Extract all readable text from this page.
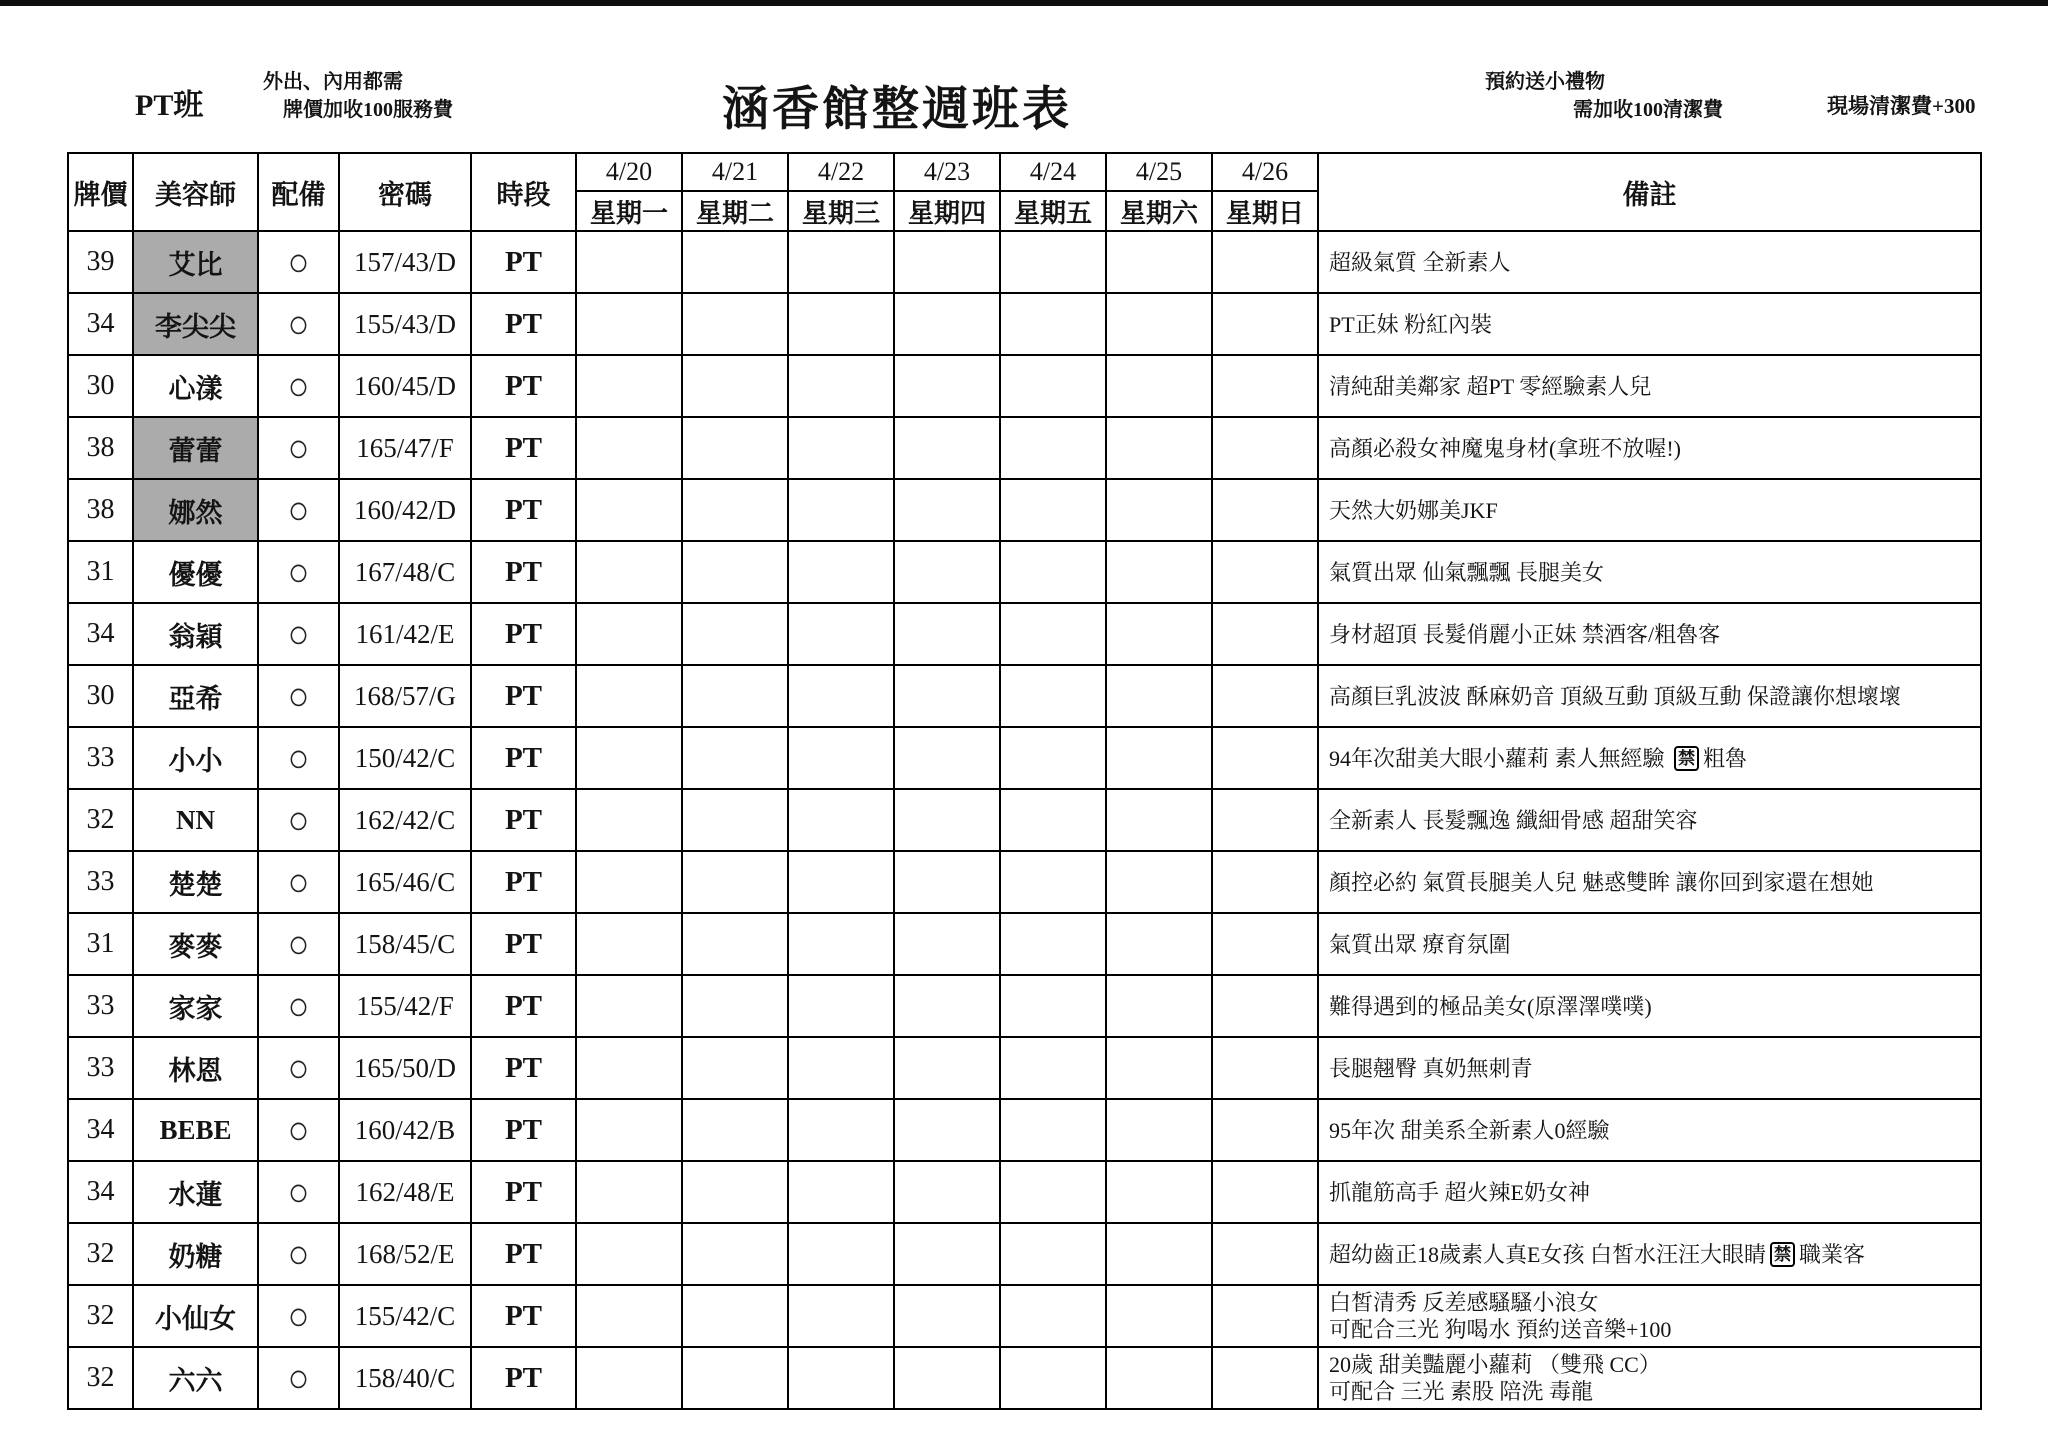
PT班
外出、內用都需
牌價加收100服務費	涵香館整週班表
預約送小禮物
需加收100清潔費	現場清潔費+300
牌價	美容師	配備	密碼	時段	4/20	4/21	4/22	4/23	4/24	4/25	4/26	備註
					星期一	星期二	星期三	星期四	星期五	星期六	星期日	
39	艾比	○	157/43/D	PT								超級氣質 全新素人

34	李尖尖	○	155/43/D	PT								PT正妹 粉紅內裝

30	心漾	○	160/45/D	PT								清純甜美鄰家 超PT 零經驗素人兒

38	蕾蕾	○	165/47/F	PT								高顏必殺女神魔鬼身材(拿班不放喔!)

38	娜然	○	160/42/D	PT								天然大奶娜美JKF

31	優優	○	167/48/C	PT								氣質出眾 仙氣飄飄 長腿美女

34	翁穎	○	161/42/E	PT								身材超頂 長髮俏麗小正妹 禁酒客/粗魯客

30	亞希	○	168/57/G	PT								高顏巨乳波波 酥麻奶音 頂級互動 頂級互動 保證讓你想壞壞

33	小小	○	150/42/C	PT								94年次甜美大眼小蘿莉 素人無經驗 禁 粗魯

32	NN	○	162/42/C	PT								全新素人 長髮飄逸 纖細骨感 超甜笑容

33	楚楚	○	165/46/C	PT								顏控必約 氣質長腿美人兒 魅惑雙眸 讓你回到家還在想她

31	麥麥	○	158/45/C	PT								氣質出眾 療育氛圍

33	家家	○	155/42/F	PT								難得遇到的極品美女(原澤澤噗噗)

33	林恩	○	165/50/D	PT								長腿翹臀 真奶無刺青

34	BEBE	○	160/42/B	PT								95年次 甜美系全新素人0經驗

34	水蓮	○	162/48/E	PT								抓龍筋高手 超火辣E奶女神

32	奶糖	○	168/52/E	PT								超幼齒正18歲素人真E女孩 白皙水汪汪大眼睛 禁 職業客

32	小仙女	○	155/42/C	PT								白皙清秀 反差感騷騷小浪女
可配合三光 狗喝水 預約送音樂+100

32	六六	○	158/40/C	PT								20歲 甜美豔麗小蘿莉 （雙飛 CC）
可配合 三光 素股 陪洗 毒龍
